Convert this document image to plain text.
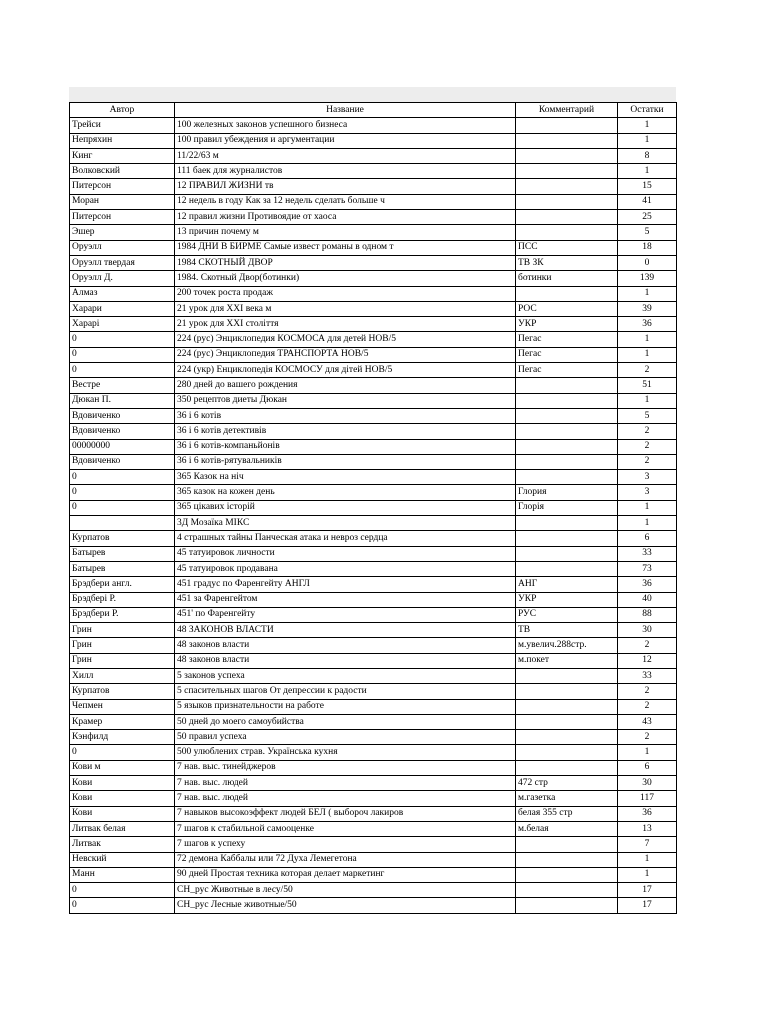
Автор	Название	Комментарий	Остатки
Трейси	100 железных законов успешного бизнеса		1
Непряхин	100 правил убеждения и аргументации		1
Кинг	11/22/63 м		8
Волковский	111 баек для журналистов		1
Питерсон	12 ПРАВИЛ ЖИЗНИ тв		15
Моран	12 недель в году Как за 12 недель сделать больше ч		41
Питерсон	12 правил жизни Противоядие от хаоса		25
Эшер	13 причин почему м		5
Оруэлл	1984 ДНИ В БИРМЕ Самые извест романы в одном т	ПСС	18
Оруэлл твердая	1984 СКОТНЫЙ ДВОР	ТВ ЗК	0
Оруэлл Д.	1984. Скотный Двор(ботинки)	ботинки	139
Алмаз	200 точек роста продаж		1
Харари	21 урок для XXI века м	РОС	39
Харарі	21 урок для XXI століття	УКР	36
0	224 (рус) Энциклопедия КОСМОСА для детей НОВ/5	Пегас	1
0	224 (рус) Энциклопедия ТРАНСПОРТА НОВ/5	Пегас	1
0	224 (укр) Енциклопедія КОСМОСУ для дітей НОВ/5	Пегас	2
Вестре	280 дней до вашего рождения		51
Дюкан П.	350 рецептов диеты Дюкан		1
Вдовиченко	36 і 6 котів		5
Вдовиченко	36 і 6 котів детективів		2
00000000	36 і 6 котів-компаньйонів		2
Вдовиченко	36 і 6 котів-рятувальників		2
0	365 Казок на ніч		3
0	365 казок на кожен день	Глория	3
0	365 цікавих історій	Глорія	1
	3Д Мозаїка МІКС		1
Курпатов	4 страшных тайны Панческая атака и невроз сердца		6
Батырев	45 татуировок личности		33
Батырев	45 татуировок продавана		73
Брэдбери англ.	451 градус по Фаренгейту АНГЛ	АНГ	36
Брэдбері Р.	451 за Фаренгейтом	УКР	40
Брэдбери Р.	451' по Фаренгейту	РУС	88
Грин	48 ЗАКОНОВ ВЛАСТИ	ТВ	30
Грин	48 законов власти	м.увелич.288стр.	2
Грин	48 законов власти	м.покет	12
Хилл	5 законов успеха		33
Курпатов	5 спасительных шагов От депрессии к радости		2
Чепмен	5 языков признательности на работе		2
Крамер	50 дней до моего самоубийства		43
Кэнфилд	50 правил успеха		2
0	500 улюблених страв. Українська кухня		1
Кови м	7 нав. выс. тинейджеров		6
Кови	7 нав. выс. людей	472 стр	30
Кови	7 нав. выс. людей	м.газетка	117
Кови	7 навыков высокоэффект людей БЕЛ ( выбороч лакиров	белая 355 стр	36
Литвак белая	7 шагов к стабильной самооценке	м.белая	13
Литвак	7 шагов к успеху		7
Невский	72 демона Каббалы или 72 Духа Лемегетона		1
Манн	90 дней Простая техника которая делает маркетинг		1
0	CH_рус Животные в лесу/50		17
0	CH_рус Лесные животные/50		17
